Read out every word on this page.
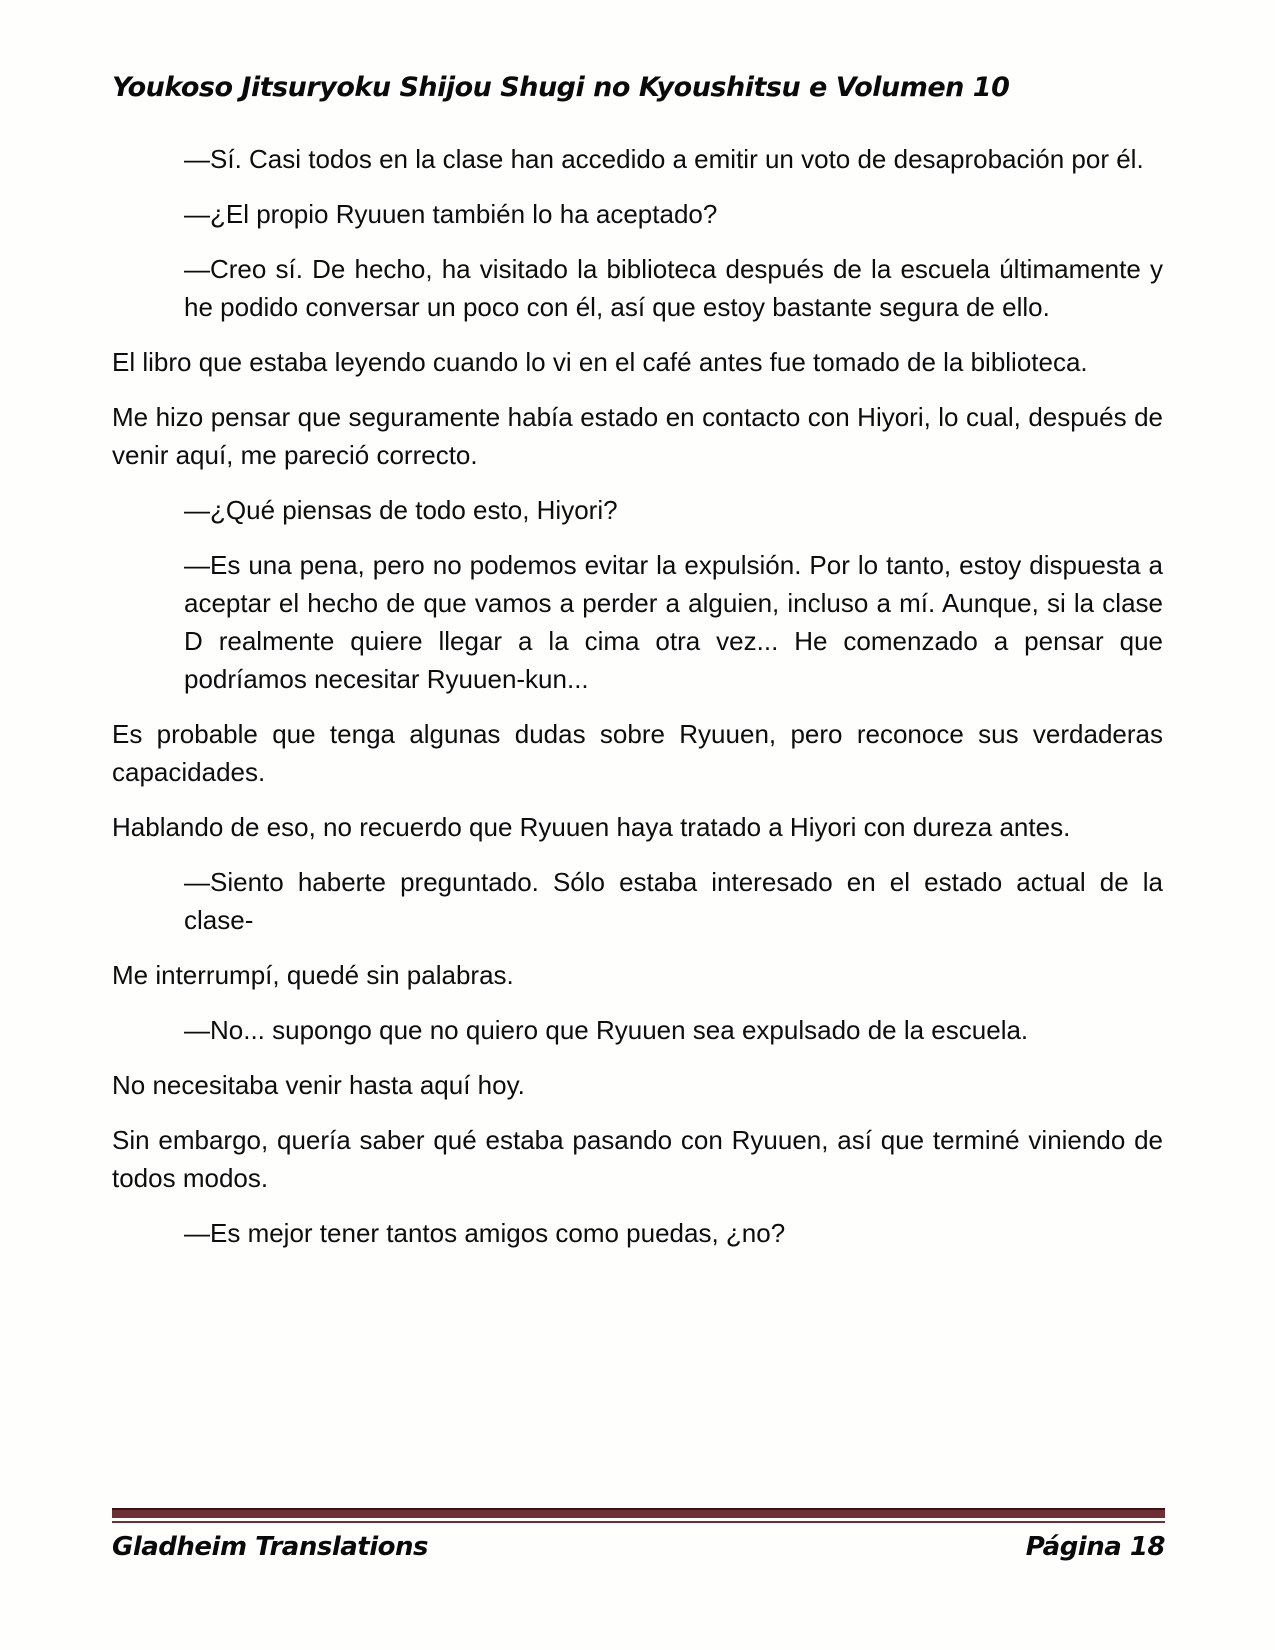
Youkoso Jitsuryoku Shijou Shugi no Kyoushitsu e Volumen 10

—Sí. Casi todos en la clase han accedido a emitir un voto de desaprobación por él.

—¿El propio Ryuuen también lo ha aceptado?

—Creo sí. De hecho, ha visitado la biblioteca después de la escuela últimamente y he podido conversar un poco con él, así que estoy bastante segura de ello.

El libro que estaba leyendo cuando lo vi en el café antes fue tomado de la biblioteca.

Me hizo pensar que seguramente había estado en contacto con Hiyori, lo cual, después de venir aquí, me pareció correcto.

—¿Qué piensas de todo esto, Hiyori?

—Es una pena, pero no podemos evitar la expulsión. Por lo tanto, estoy dispuesta a aceptar el hecho de que vamos a perder a alguien, incluso a mí. Aunque, si la clase D realmente quiere llegar a la cima otra vez... He comenzado a pensar que podríamos necesitar Ryuuen-kun...

Es probable que tenga algunas dudas sobre Ryuuen, pero reconoce sus verdaderas capacidades.

Hablando de eso, no recuerdo que Ryuuen haya tratado a Hiyori con dureza antes.

—Siento haberte preguntado. Sólo estaba interesado en el estado actual de la clase-

Me interrumpí, quedé sin palabras.

—No... supongo que no quiero que Ryuuen sea expulsado de la escuela.

No necesitaba venir hasta aquí hoy.

Sin embargo, quería saber qué estaba pasando con Ryuuen, así que terminé viniendo de todos modos.

—Es mejor tener tantos amigos como puedas, ¿no?

Gladheim Translations	Página 18
